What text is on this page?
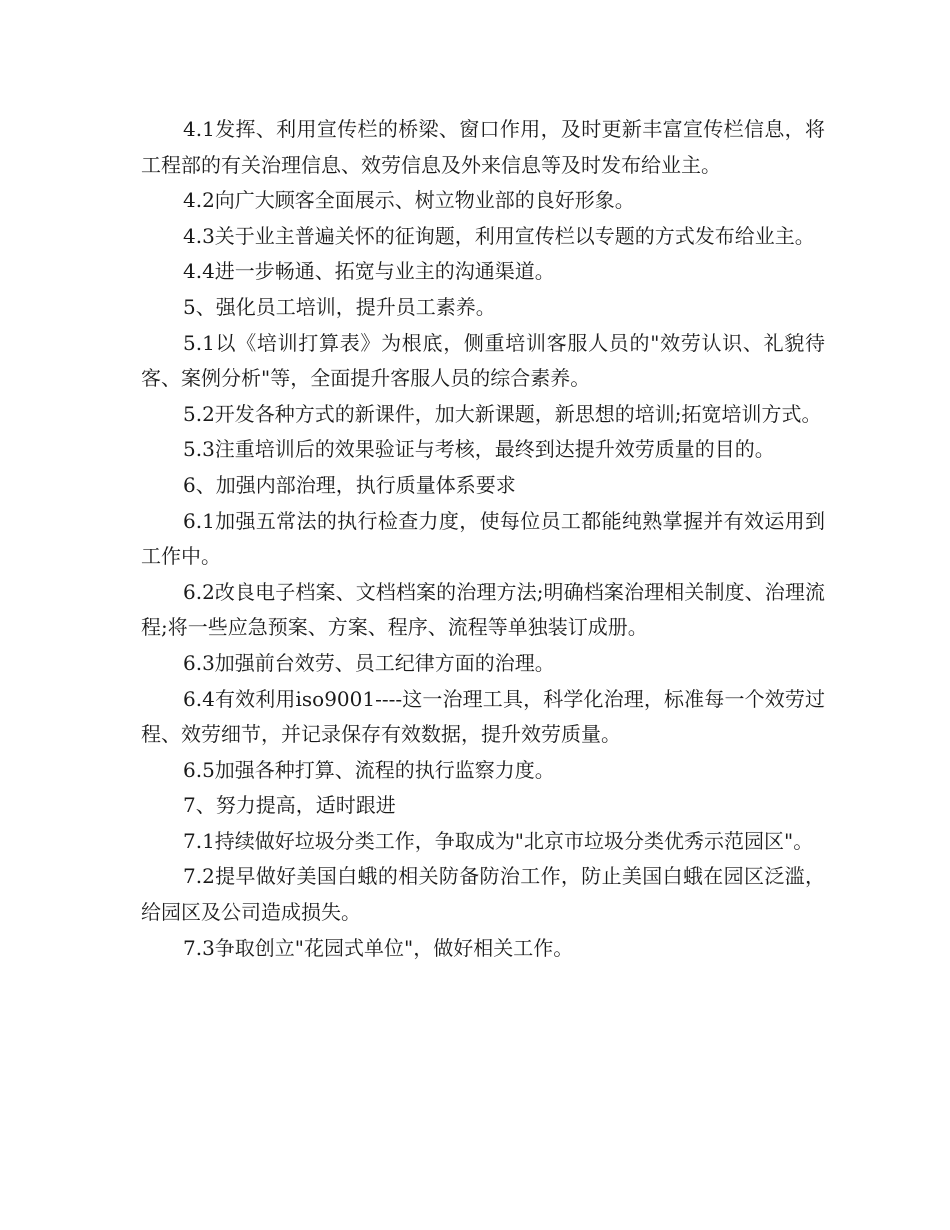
4.1发挥、利用宣传栏的桥梁、窗口作用，及时更新丰富宣传栏信息，将工程部的有关治理信息、效劳信息及外来信息等及时发布给业主。

4.2向广大顾客全面展示、树立物业部的良好形象。

4.3关于业主普遍关怀的征询题，利用宣传栏以专题的方式发布给业主。

4.4进一步畅通、拓宽与业主的沟通渠道。

5、强化员工培训，提升员工素养。

5.1以《培训打算表》为根底，侧重培训客服人员的"效劳认识、礼貌待客、案例分析"等，全面提升客服人员的综合素养。

5.2开发各种方式的新课件，加大新课题，新思想的培训;拓宽培训方式。

5.3注重培训后的效果验证与考核，最终到达提升效劳质量的目的。

6、加强内部治理，执行质量体系要求

6.1加强五常法的执行检查力度，使每位员工都能纯熟掌握并有效运用到工作中。

6.2改良电子档案、文档档案的治理方法;明确档案治理相关制度、治理流程;将一些应急预案、方案、程序、流程等单独装订成册。

6.3加强前台效劳、员工纪律方面的治理。

6.4有效利用iso9001----这一治理工具，科学化治理，标准每一个效劳过程、效劳细节，并记录保存有效数据，提升效劳质量。

6.5加强各种打算、流程的执行监察力度。

7、努力提高，适时跟进

7.1持续做好垃圾分类工作，争取成为"北京市垃圾分类优秀示范园区"。

7.2提早做好美国白蛾的相关防备防治工作，防止美国白蛾在园区泛滥，给园区及公司造成损失。

7.3争取创立"花园式单位"，做好相关工作。
